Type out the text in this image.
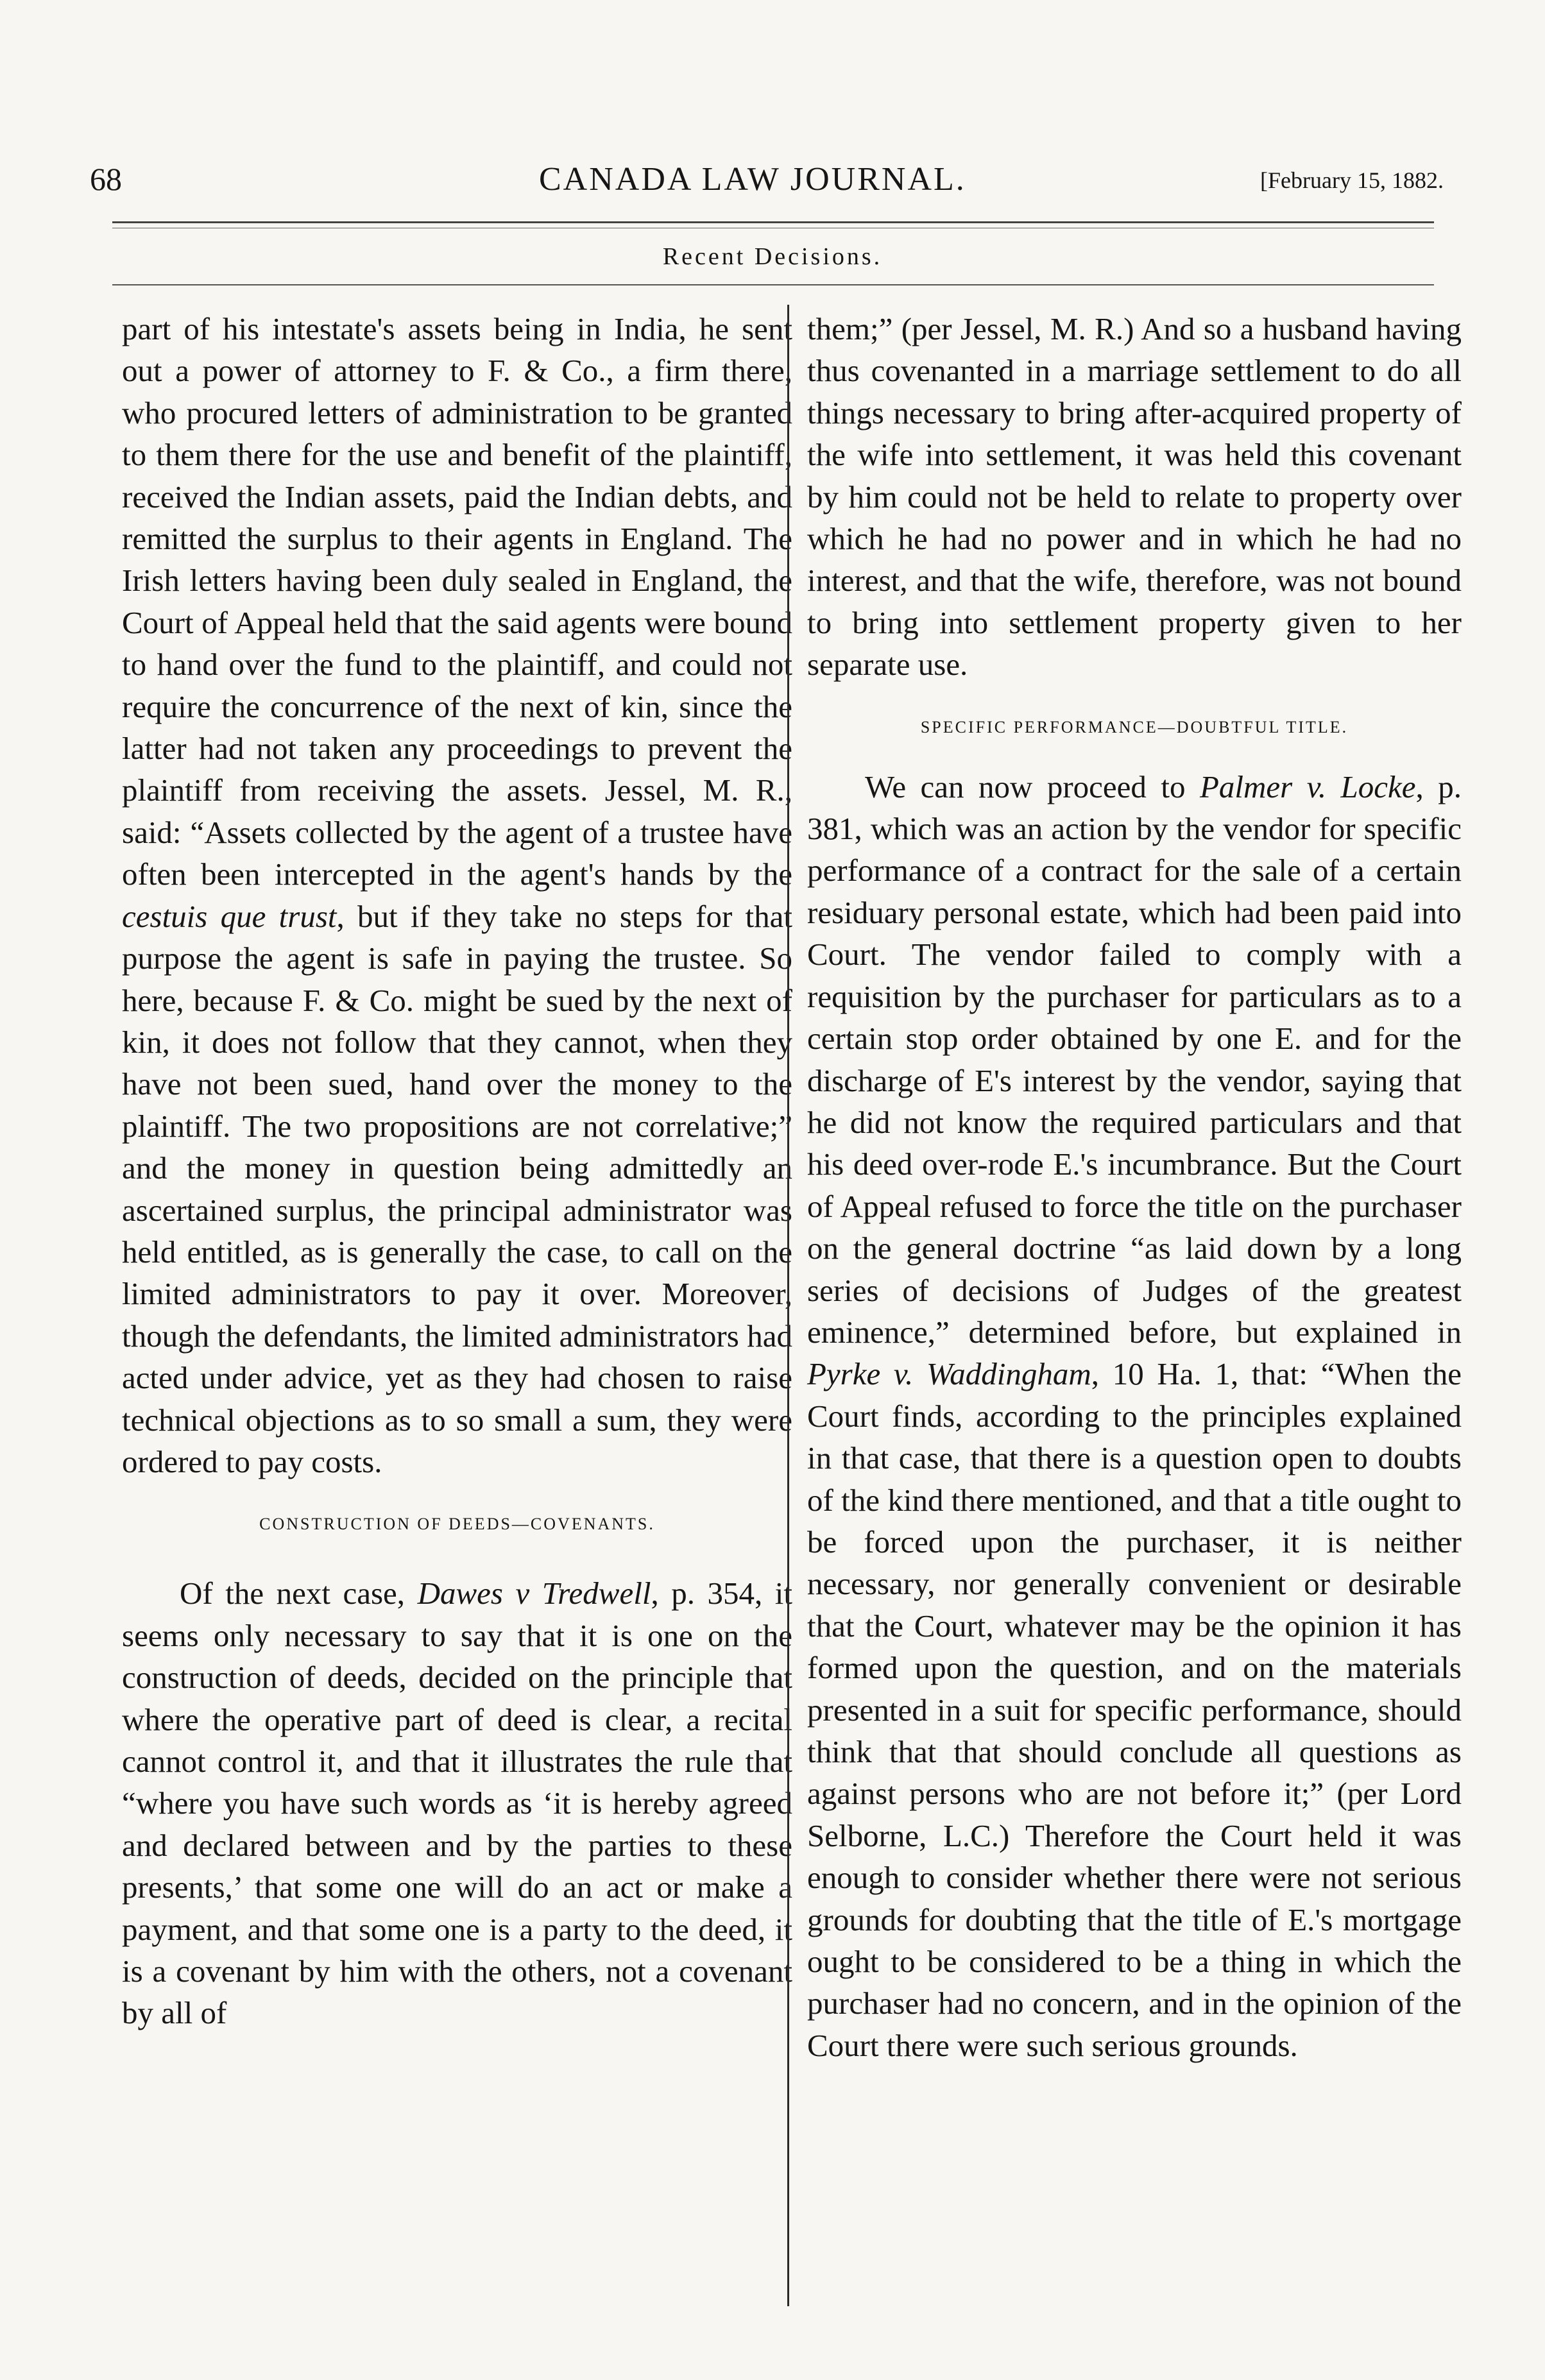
68	CANADA LAW JOURNAL.	[February 15, 1882.
Recent Decisions.

part of his intestate's assets being in India, he sent out a power of attorney to F. & Co., a firm there, who procured letters of administration to be granted to them there for the use and benefit of the plaintiff, received the Indian assets, paid the Indian debts, and remitted the surplus to their agents in England. The Irish letters having been duly sealed in England, the Court of Appeal held that the said agents were bound to hand over the fund to the plaintiff, and could not require the concurrence of the next of kin, since the latter had not taken any proceedings to prevent the plaintiff from receiving the assets. Jessel, M. R., said: “Assets collected by the agent of a trustee have often been intercepted in the agent's hands by the cestuis que trust, but if they take no steps for that purpose the agent is safe in paying the trustee. So here, because F. & Co. might be sued by the next of kin, it does not follow that they cannot, when they have not been sued, hand over the money to the plaintiff. The two propositions are not correlative;” and the money in question being admittedly an ascertained surplus, the principal administrator was held entitled, as is generally the case, to call on the limited administrators to pay it over. Moreover, though the defendants, the limited administrators had acted under advice, yet as they had chosen to raise technical objections as to so small a sum, they were ordered to pay costs.

CONSTRUCTION OF DEEDS—COVENANTS.

Of the next case, Dawes v Tredwell, p. 354, it seems only necessary to say that it is one on the construction of deeds, decided on the principle that where the operative part of deed is clear, a recital cannot control it, and that it illustrates the rule that “where you have such words as ‘it is hereby agreed and declared between and by the parties to these presents,’ that some one will do an act or make a payment, and that some one is a party to the deed, it is a covenant by him with the others, not a covenant by all of

them;” (per Jessel, M. R.) And so a husband having thus covenanted in a marriage settlement to do all things necessary to bring after-acquired property of the wife into settlement, it was held this covenant by him could not be held to relate to property over which he had no power and in which he had no interest, and that the wife, therefore, was not bound to bring into settlement property given to her separate use.

SPECIFIC PERFORMANCE—DOUBTFUL TITLE.

We can now proceed to Palmer v. Locke, p. 381, which was an action by the vendor for specific performance of a contract for the sale of a certain residuary personal estate, which had been paid into Court. The vendor failed to comply with a requisition by the purchaser for particulars as to a certain stop order obtained by one E. and for the discharge of E's interest by the vendor, saying that he did not know the required particulars and that his deed over-rode E.'s incumbrance. But the Court of Appeal refused to force the title on the purchaser on the general doctrine “as laid down by a long series of decisions of Judges of the greatest eminence,” determined before, but explained in Pyrke v. Waddingham, 10 Ha. 1, that: “When the Court finds, according to the principles explained in that case, that there is a question open to doubts of the kind there mentioned, and that a title ought to be forced upon the purchaser, it is neither necessary, nor generally convenient or desirable that the Court, whatever may be the opinion it has formed upon the question, and on the materials presented in a suit for specific performance, should think that that should conclude all questions as against persons who are not before it;” (per Lord Selborne, L.C.) Therefore the Court held it was enough to consider whether there were not serious grounds for doubting that the title of E.'s mortgage ought to be considered to be a thing in which the purchaser had no concern, and in the opinion of the Court there were such serious grounds.
